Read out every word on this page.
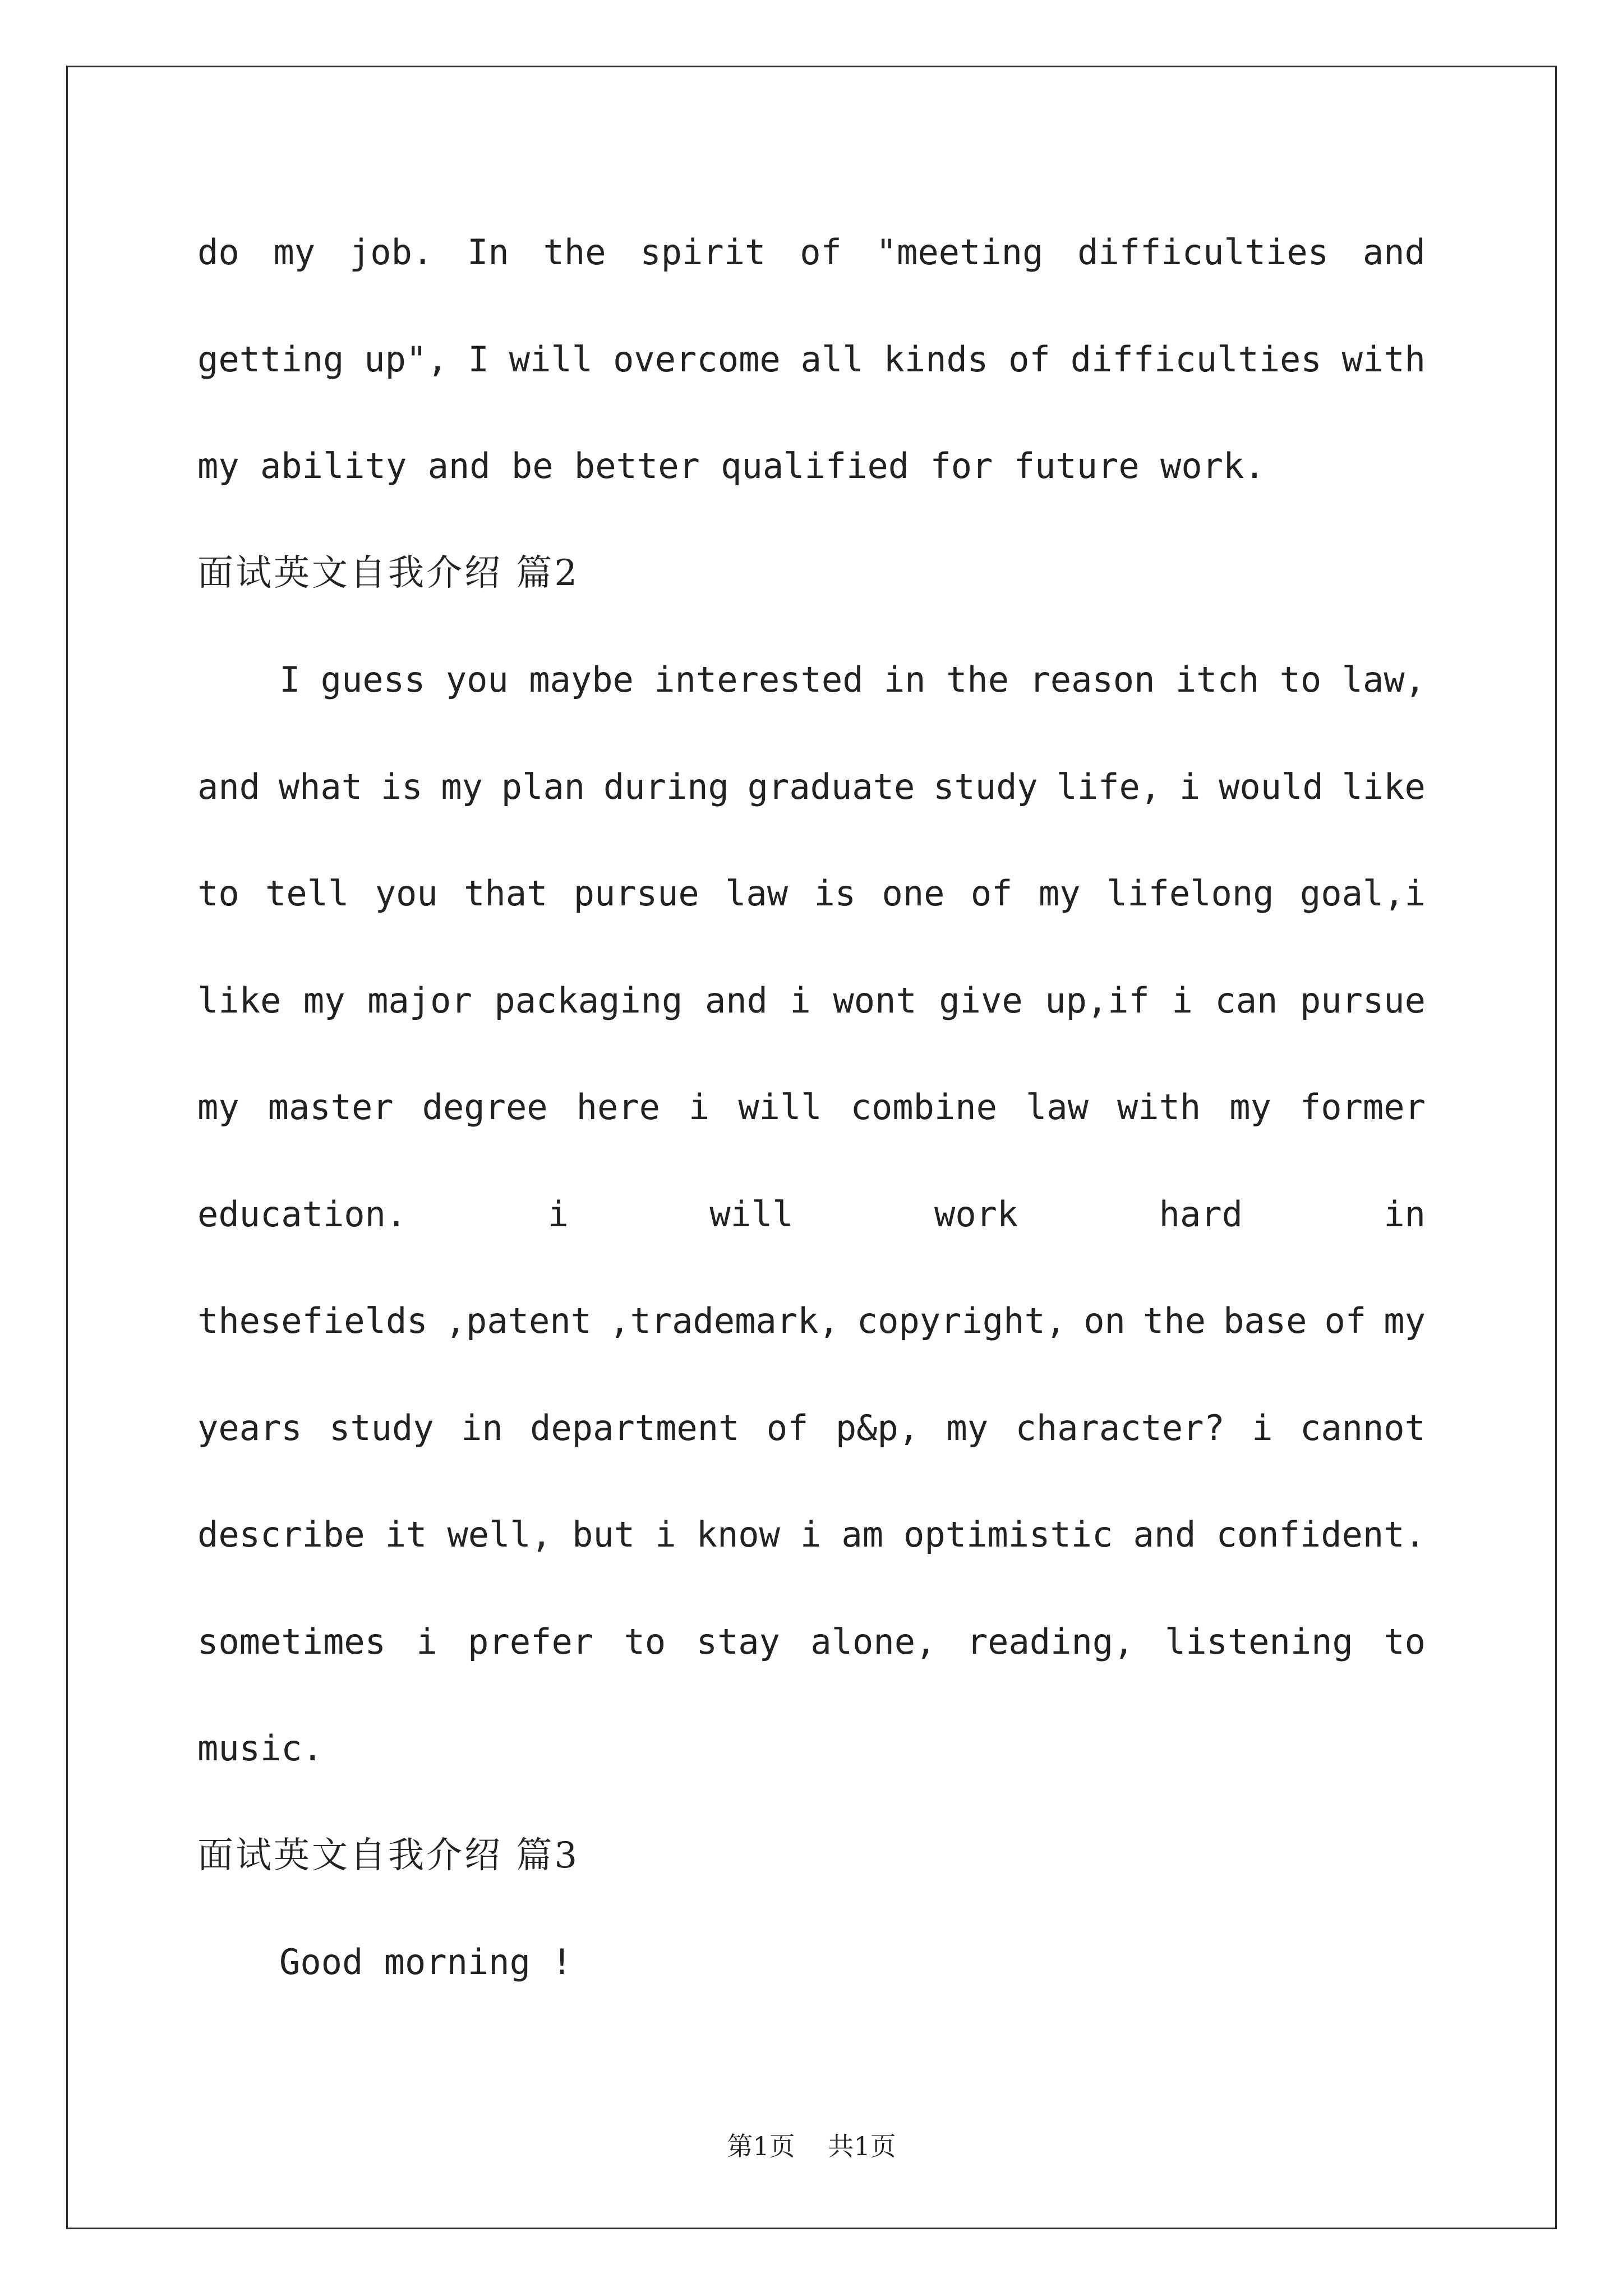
do my job. In the spirit of "meeting difficulties and
getting up", I will overcome all kinds of difficulties with
my ability and be better qualified for future work.
面试英文自我介绍 篇2
I guess you maybe interested in the reason itch to law,
and what is my plan during graduate study life, i would like
to tell you that pursue law is one of my lifelong goal,i
like my major packaging and i wont give up,if i can pursue
my master degree here i will combine law with my former
education.	i	will	work	hard	in
thesefields ,patent ,trademark, copyright, on the base of my
years study in department of p&p, my character? i cannot
describe it well, but i know i am optimistic and confident.
sometimes i prefer to stay alone, reading, listening to
music.
面试英文自我介绍 篇3
Good morning !
第1页 共1页
